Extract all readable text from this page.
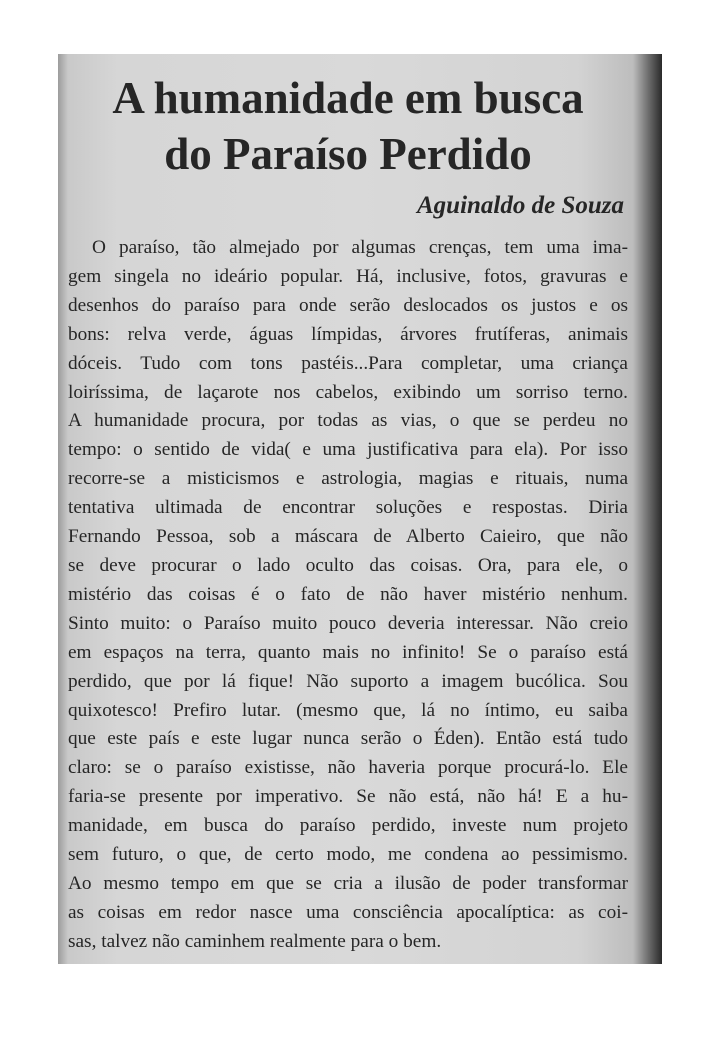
A humanidade em busca
do Paraíso Perdido
Aguinaldo de Souza
O paraíso, tão almejado por algumas crenças, tem uma ima-
gem singela no ideário popular. Há, inclusive, fotos, gravuras e
desenhos do paraíso para onde serão deslocados os justos e os
bons: relva verde, águas límpidas, árvores frutíferas, animais
dóceis. Tudo com tons pastéis...Para completar, uma criança
loiríssima, de laçarote nos cabelos, exibindo um sorriso terno.
A humanidade procura, por todas as vias, o que se perdeu no
tempo: o sentido de vida( e uma justificativa para ela). Por isso
recorre-se a misticismos e astrologia, magias e rituais, numa
tentativa ultimada de encontrar soluções e respostas. Diria
Fernando Pessoa, sob a máscara de Alberto Caieiro, que não
se deve procurar o lado oculto das coisas. Ora, para ele, o
mistério das coisas é o fato de não haver mistério nenhum.
Sinto muito: o Paraíso muito pouco deveria interessar. Não creio
em espaços na terra, quanto mais no infinito! Se o paraíso está
perdido, que por lá fique! Não suporto a imagem bucólica. Sou
quixotesco! Prefiro lutar. (mesmo que, lá no íntimo, eu saiba
que este país e este lugar nunca serão o Éden). Então está tudo
claro: se o paraíso existisse, não haveria porque procurá-lo. Ele
faria-se presente por imperativo. Se não está, não há! E a hu-
manidade, em busca do paraíso perdido, investe num projeto
sem futuro, o que, de certo modo, me condena ao pessimismo.
Ao mesmo tempo em que se cria a ilusão de poder transformar
as coisas em redor nasce uma consciência apocalíptica: as coi-
sas, talvez não caminhem realmente para o bem.
